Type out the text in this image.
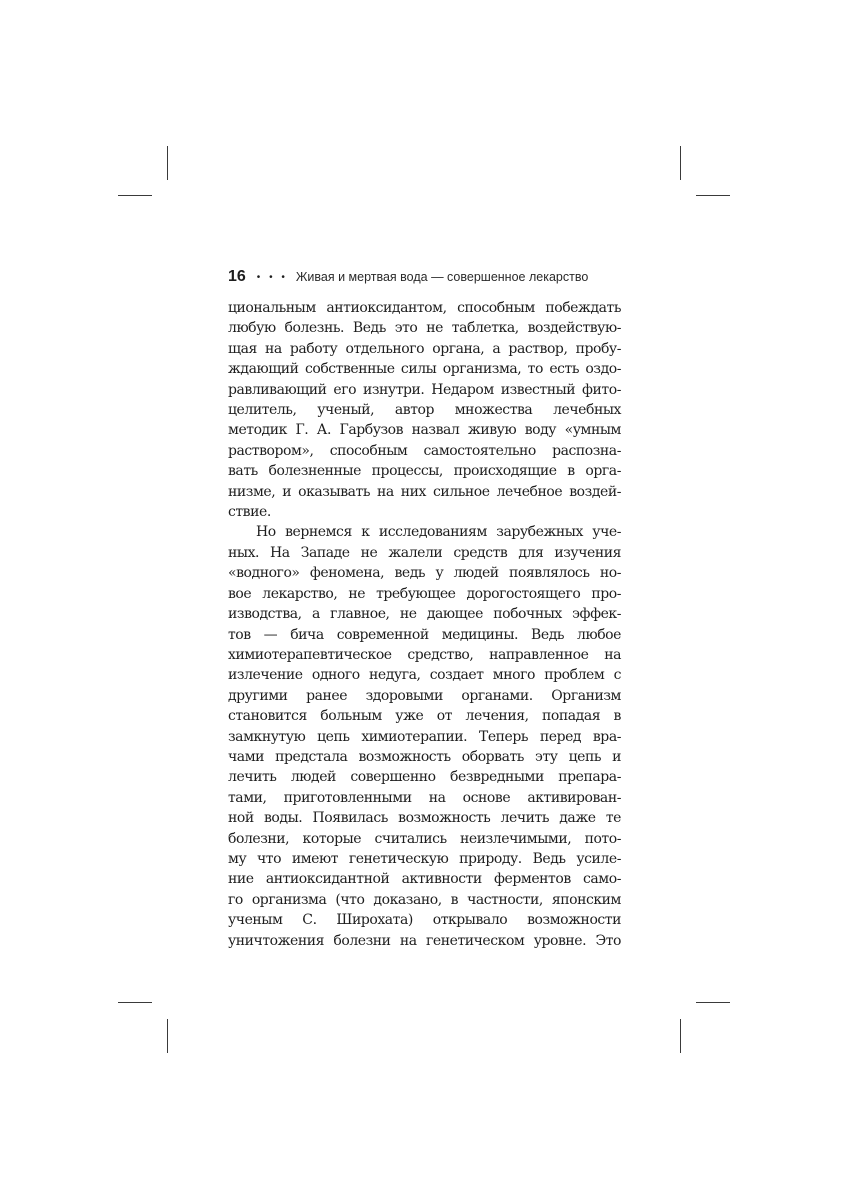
16 • • • Живая и мертвая вода — совершенное лекарство
циональным антиоксидантом, способным побеждать
любую болезнь. Ведь это не таблетка, воздействую-
щая на работу отдельного органа, а раствор, пробу-
ждающий собственные силы организма, то есть оздо-
равливающий его изнутри. Недаром известный фито-
целитель, ученый, автор множества лечебных
методик Г. А. Гарбузов назвал живую воду «умным
раствором», способным самостоятельно распозна-
вать болезненные процессы, происходящие в орга-
низме, и оказывать на них сильное лечебное воздей-
ствие.
Но вернемся к исследованиям зарубежных уче-
ных. На Западе не жалели средств для изучения
«водного» феномена, ведь у людей появлялось но-
вое лекарство, не требующее дорогостоящего про-
изводства, а главное, не дающее побочных эффек-
тов — бича современной медицины. Ведь любое
химиотерапевтическое средство, направленное на
излечение одного недуга, создает много проблем с
другими ранее здоровыми органами. Организм
становится больным уже от лечения, попадая в
замкнутую цепь химиотерапии. Теперь перед вра-
чами предстала возможность оборвать эту цепь и
лечить людей совершенно безвредными препара-
тами, приготовленными на основе активирован-
ной воды. Появилась возможность лечить даже те
болезни, которые считались неизлечимыми, пото-
му что имеют генетическую природу. Ведь усиле-
ние антиоксидантной активности ферментов само-
го организма (что доказано, в частности, японским
ученым С. Широхата) открывало возможности
уничтожения болезни на генетическом уровне. Это
